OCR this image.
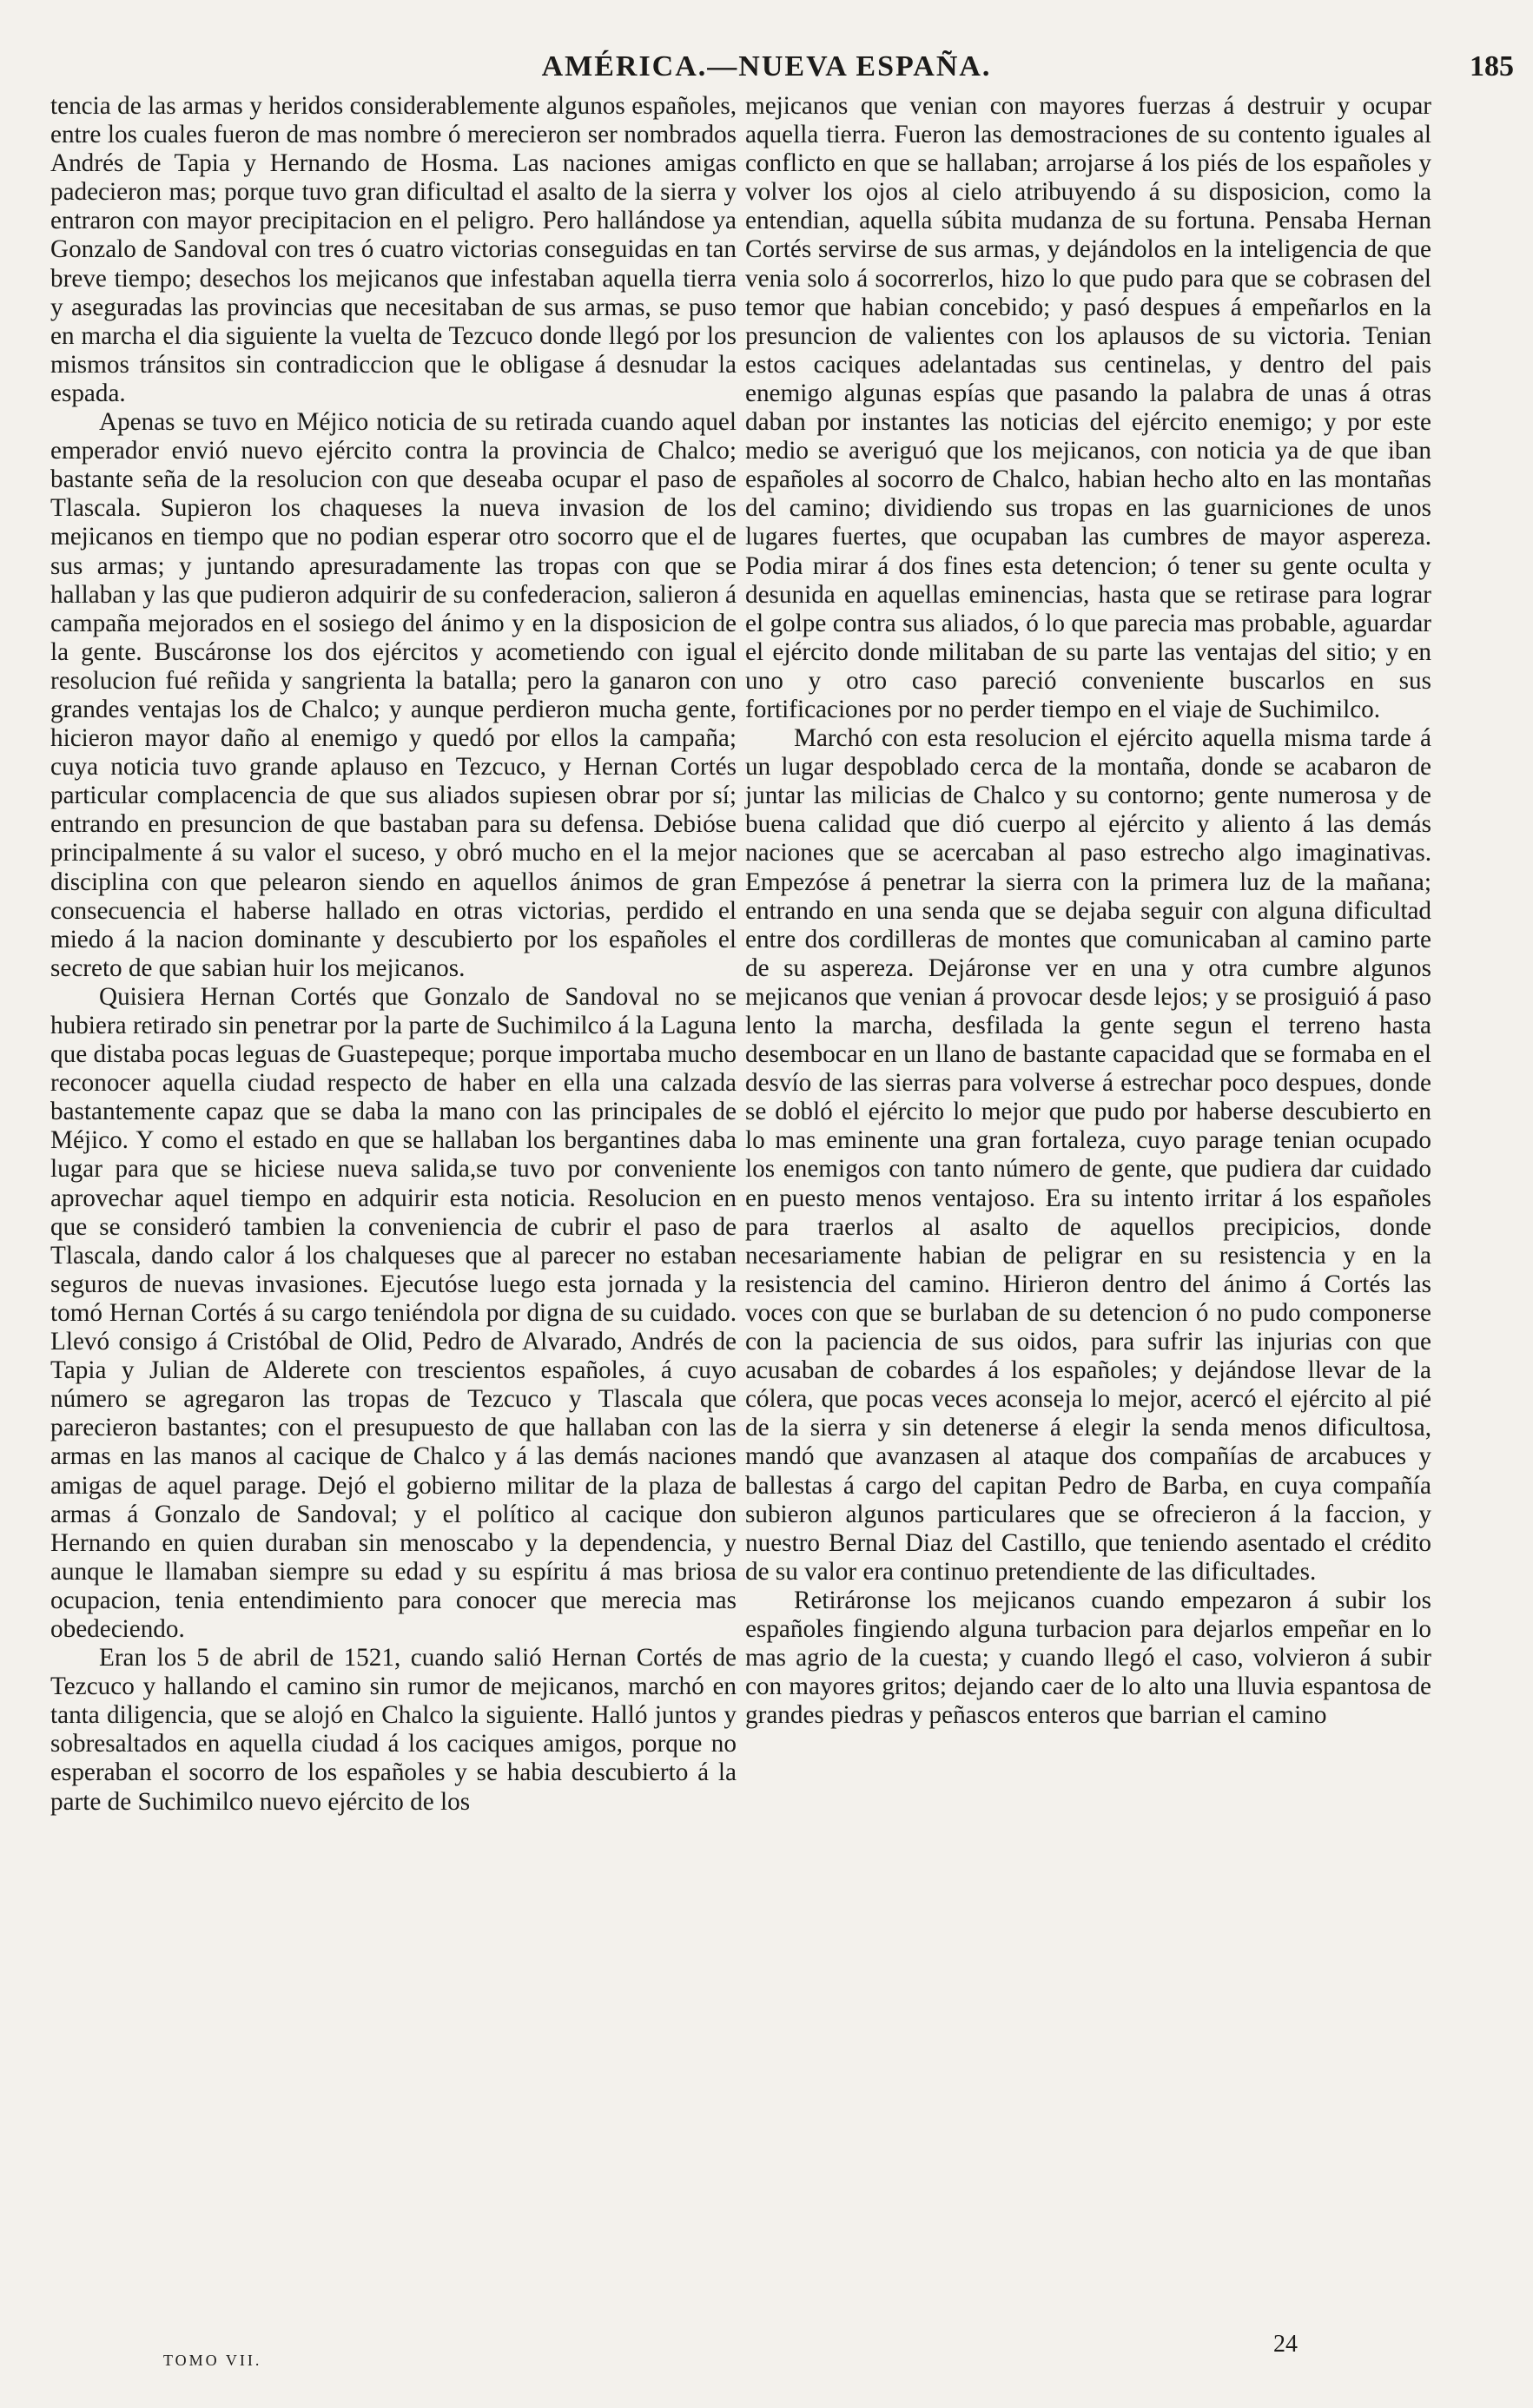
AMÉRICA.—NUEVA ESPAÑA.	185

tencia de las armas y heridos considerablemente algunos españoles, entre los cuales fueron de mas nombre ó merecieron ser nombrados Andrés de Tapia y Hernando de Hosma. Las naciones amigas padecieron mas; porque tuvo gran dificultad el asalto de la sierra y entraron con mayor precipitacion en el peligro. Pero hallándose ya Gonzalo de Sandoval con tres ó cuatro victorias conseguidas en tan breve tiempo; desechos los mejicanos que infestaban aquella tierra y aseguradas las provincias que necesitaban de sus armas, se puso en marcha el dia siguiente la vuelta de Tezcuco donde llegó por los mismos tránsitos sin contradiccion que le obligase á desnudar la espada.

Apenas se tuvo en Méjico noticia de su retirada cuando aquel emperador envió nuevo ejército contra la provincia de Chalco; bastante seña de la resolucion con que deseaba ocupar el paso de Tlascala. Supieron los chaqueses la nueva invasion de los mejicanos en tiempo que no podian esperar otro socorro que el de sus armas; y juntando apresuradamente las tropas con que se hallaban y las que pudieron adquirir de su confederacion, salieron á campaña mejorados en el sosiego del ánimo y en la disposicion de la gente. Buscáronse los dos ejércitos y acometiendo con igual resolucion fué reñida y sangrienta la batalla; pero la ganaron con grandes ventajas los de Chalco; y aunque perdieron mucha gente, hicieron mayor daño al enemigo y quedó por ellos la campaña; cuya noticia tuvo grande aplauso en Tezcuco, y Hernan Cortés particular complacencia de que sus aliados supiesen obrar por sí; entrando en presuncion de que bastaban para su defensa. Debióse principalmente á su valor el suceso, y obró mucho en el la mejor disciplina con que pelearon siendo en aquellos ánimos de gran consecuencia el haberse hallado en otras victorias, perdido el miedo á la nacion dominante y descubierto por los españoles el secreto de que sabian huir los mejicanos.

Quisiera Hernan Cortés que Gonzalo de Sandoval no se hubiera retirado sin penetrar por la parte de Suchimilco á la Laguna que distaba pocas leguas de Guastepeque; porque importaba mucho reconocer aquella ciudad respecto de haber en ella una calzada bastantemente capaz que se daba la mano con las principales de Méjico. Y como el estado en que se hallaban los bergantines daba lugar para que se hiciese nueva salida,se tuvo por conveniente aprovechar aquel tiempo en adquirir esta noticia. Resolucion en que se consideró tambien la conveniencia de cubrir el paso de Tlascala, dando calor á los chalqueses que al parecer no estaban seguros de nuevas invasiones. Ejecutóse luego esta jornada y la tomó Hernan Cortés á su cargo teniéndola por digna de su cuidado. Llevó consigo á Cristóbal de Olid, Pedro de Alvarado, Andrés de Tapia y Julian de Alderete con trescientos españoles, á cuyo número se agregaron las tropas de Tezcuco y Tlascala que parecieron bastantes; con el presupuesto de que hallaban con las armas en las manos al cacique de Chalco y á las demás naciones amigas de aquel parage. Dejó el gobierno militar de la plaza de armas á Gonzalo de Sandoval; y el político al cacique don Hernando en quien duraban sin menoscabo y la dependencia, y aunque le llamaban siempre su edad y su espíritu á mas briosa ocupacion, tenia entendimiento para conocer que merecia mas obedeciendo.

Eran los 5 de abril de 1521, cuando salió Hernan Cortés de Tezcuco y hallando el camino sin rumor de mejicanos, marchó en tanta diligencia, que se alojó en Chalco la siguiente. Halló juntos y sobresaltados en aquella ciudad á los caciques amigos, porque no esperaban el socorro de los españoles y se habia descubierto á la parte de Suchimilco nuevo ejército de los

mejicanos que venian con mayores fuerzas á destruir y ocupar aquella tierra. Fueron las demostraciones de su contento iguales al conflicto en que se hallaban; arrojarse á los piés de los españoles y volver los ojos al cielo atribuyendo á su disposicion, como la entendian, aquella súbita mudanza de su fortuna. Pensaba Hernan Cortés servirse de sus armas, y dejándolos en la inteligencia de que venia solo á socorrerlos, hizo lo que pudo para que se cobrasen del temor que habian concebido; y pasó despues á empeñarlos en la presuncion de valientes con los aplausos de su victoria. Tenian estos caciques adelantadas sus centinelas, y dentro del pais enemigo algunas espías que pasando la palabra de unas á otras daban por instantes las noticias del ejército enemigo; y por este medio se averiguó que los mejicanos, con noticia ya de que iban españoles al socorro de Chalco, habian hecho alto en las montañas del camino; dividiendo sus tropas en las guarniciones de unos lugares fuertes, que ocupaban las cumbres de mayor aspereza. Podia mirar á dos fines esta detencion; ó tener su gente oculta y desunida en aquellas eminencias, hasta que se retirase para lograr el golpe contra sus aliados, ó lo que parecia mas probable, aguardar el ejército donde militaban de su parte las ventajas del sitio; y en uno y otro caso pareció conveniente buscarlos en sus fortificaciones por no perder tiempo en el viaje de Suchimilco.

Marchó con esta resolucion el ejército aquella misma tarde á un lugar despoblado cerca de la montaña, donde se acabaron de juntar las milicias de Chalco y su contorno; gente numerosa y de buena calidad que dió cuerpo al ejército y aliento á las demás naciones que se acercaban al paso estrecho algo imaginativas. Empezóse á penetrar la sierra con la primera luz de la mañana; entrando en una senda que se dejaba seguir con alguna dificultad entre dos cordilleras de montes que comunicaban al camino parte de su aspereza. Dejáronse ver en una y otra cumbre algunos mejicanos que venian á provocar desde lejos; y se prosiguió á paso lento la marcha, desfilada la gente segun el terreno hasta desembocar en un llano de bastante capacidad que se formaba en el desvío de las sierras para volverse á estrechar poco despues, donde se dobló el ejército lo mejor que pudo por haberse descubierto en lo mas eminente una gran fortaleza, cuyo parage tenian ocupado los enemigos con tanto número de gente, que pudiera dar cuidado en puesto menos ventajoso. Era su intento irritar á los españoles para traerlos al asalto de aquellos precipicios, donde necesariamente habian de peligrar en su resistencia y en la resistencia del camino. Hirieron dentro del ánimo á Cortés las voces con que se burlaban de su detencion ó no pudo componerse con la paciencia de sus oidos, para sufrir las injurias con que acusaban de cobardes á los españoles; y dejándose llevar de la cólera, que pocas veces aconseja lo mejor, acercó el ejército al pié de la sierra y sin detenerse á elegir la senda menos dificultosa, mandó que avanzasen al ataque dos compañías de arcabuces y ballestas á cargo del capitan Pedro de Barba, en cuya compañía subieron algunos particulares que se ofrecieron á la faccion, y nuestro Bernal Diaz del Castillo, que teniendo asentado el crédito de su valor era continuo pretendiente de las dificultades.

Retiráronse los mejicanos cuando empezaron á subir los españoles fingiendo alguna turbacion para dejarlos empeñar en lo mas agrio de la cuesta; y cuando llegó el caso, volvieron á subir con mayores gritos; dejando caer de lo alto una lluvia espantosa de grandes piedras y peñascos enteros que barrian el camino

TOMO VII.
24
